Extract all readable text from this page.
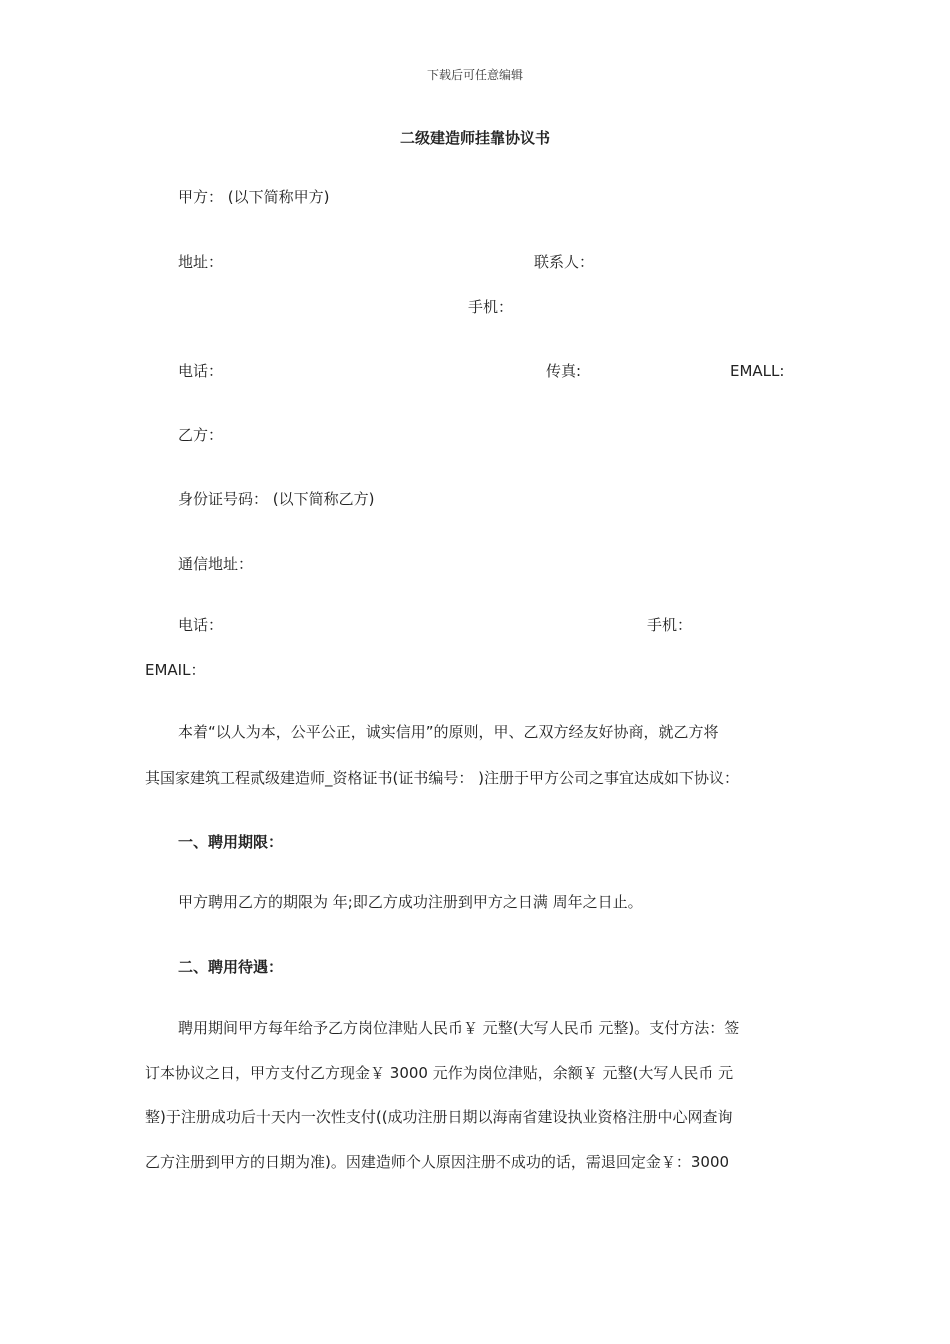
下载后可任意编辑
二级建造师挂靠协议书
甲方： (以下简称甲方)
地址：	联系人：
手机：
电话：	传真:	EMALL:
乙方：
身份证号码： (以下简称乙方)
通信地址：
电话：	手机：
EMAIL：
本着“以人为本，公平公正，诚实信用”的原则，甲、乙双方经友好协商，就乙方将
其国家建筑工程贰级建造师_资格证书(证书编号： )注册于甲方公司之事宜达成如下协议：
一、聘用期限：
甲方聘用乙方的期限为 年;即乙方成功注册到甲方之日满 周年之日止。
二、聘用待遇：
聘用期间甲方每年给予乙方岗位津贴人民币￥ 元整(大写人民币 元整)。支付方法：签
订本协议之日，甲方支付乙方现金￥ 3000 元作为岗位津贴，余额￥ 元整(大写人民币 元
整)于注册成功后十天内一次性支付((成功注册日期以海南省建设执业资格注册中心网查询
乙方注册到甲方的日期为准)。因建造师个人原因注册不成功的话，需退回定金￥：3000
